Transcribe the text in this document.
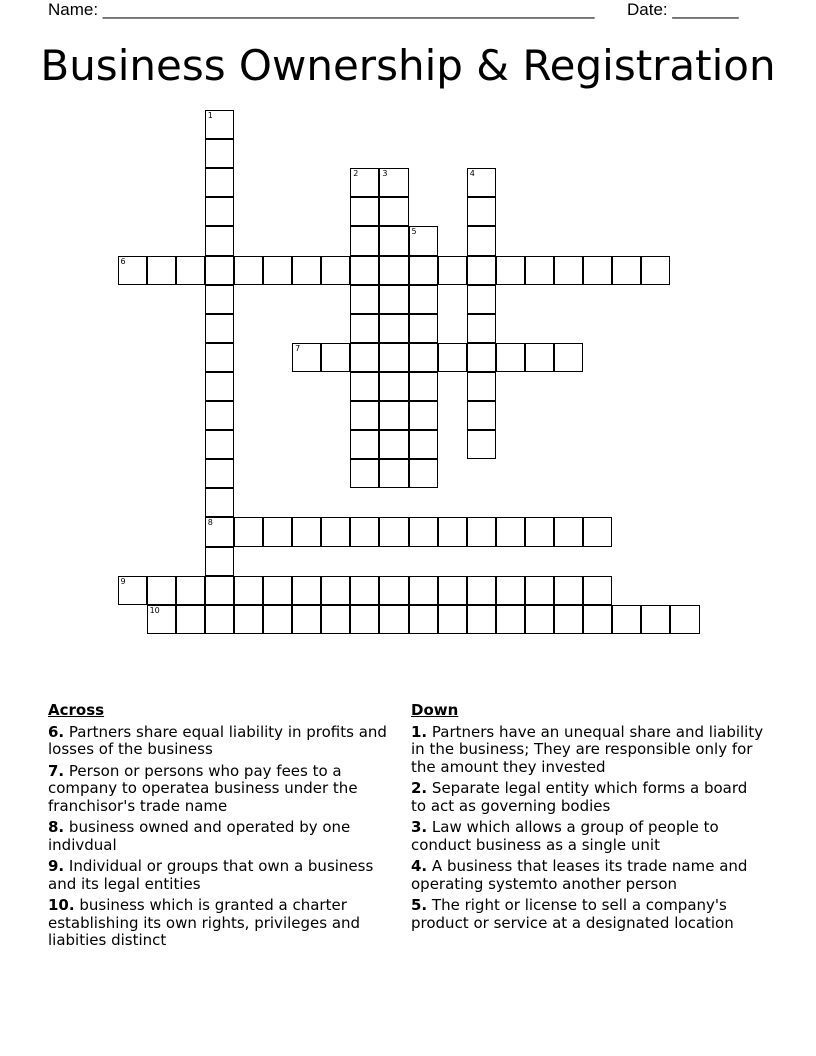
Name: ____________________________________________________ Date: _______
Business Ownership & Registration
1
8
2	3	4
5
6
7
9
10
Across
6. Partners share equal liability in profits and losses of the business
7. Person or persons who pay fees to a company to operatea business under the franchisor's trade name
8. business owned and operated by one indivdual
9. Individual or groups that own a business and its legal entities
10. business which is granted a charter establishing its own rights, privileges and liabities distinct
Down
1. Partners have an unequal share and liability in the business; They are responsible only for the amount they invested
2. Separate legal entity which forms a board to act as governing bodies
3. Law which allows a group of people to conduct business as a single unit
4. A business that leases its trade name and operating systemto another person
5. The right or license to sell a company's product or service at a designated location
